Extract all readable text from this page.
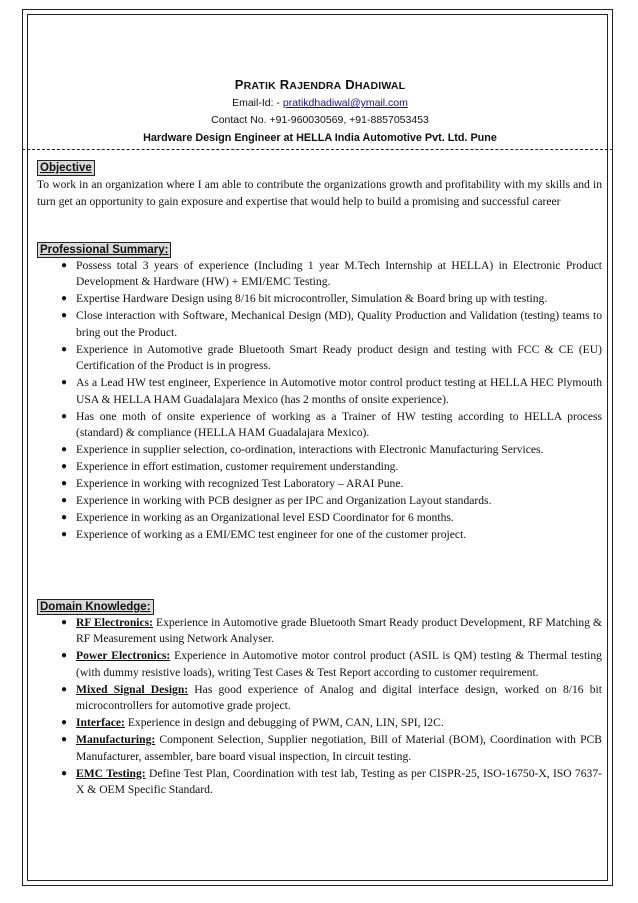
PRATIK RAJENDRA DHADIWAL
Email-Id: - pratikdhadiwal@ymail.com
Contact No. +91-960030569, +91-8857053453
Hardware Design Engineer at HELLA India Automotive Pvt. Ltd. Pune
Objective
To work in an organization where I am able to contribute the organizations growth and profitability with my skills and in turn get an opportunity to gain exposure and expertise that would help to build a promising and successful career
Professional Summary:
● Possess total 3 years of experience (Including 1 year M.Tech Internship at HELLA) in Electronic Product Development & Hardware (HW) + EMI/EMC Testing.
● Expertise Hardware Design using 8/16 bit microcontroller, Simulation & Board bring up with testing.
● Close interaction with Software, Mechanical Design (MD), Quality Production and Validation (testing) teams to bring out the Product.
● Experience in Automotive grade Bluetooth Smart Ready product design and testing with FCC & CE (EU) Certification of the Product is in progress.
● As a Lead HW test engineer, Experience in Automotive motor control product testing at HELLA HEC Plymouth USA & HELLA HAM Guadalajara Mexico (has 2 months of onsite experience).
● Has one moth of onsite experience of working as a Trainer of HW testing according to HELLA process (standard) & compliance (HELLA HAM Guadalajara Mexico).
● Experience in supplier selection, co-ordination, interactions with Electronic Manufacturing Services.
● Experience in effort estimation, customer requirement understanding.
● Experience in working with recognized Test Laboratory – ARAI Pune.
● Experience in working with PCB designer as per IPC and Organization Layout standards.
● Experience in working as an Organizational level ESD Coordinator for 6 months.
● Experience of working as a EMI/EMC test engineer for one of the customer project.
Domain Knowledge:
● RF Electronics: Experience in Automotive grade Bluetooth Smart Ready product Development, RF Matching & RF Measurement using Network Analyser.
● Power Electronics: Experience in Automotive motor control product (ASIL is QM) testing & Thermal testing (with dummy resistive loads), writing Test Cases & Test Report according to customer requirement.
● Mixed Signal Design: Has good experience of Analog and digital interface design, worked on 8/16 bit microcontrollers for automotive grade project.
● Interface: Experience in design and debugging of PWM, CAN, LIN, SPI, I2C.
● Manufacturing: Component Selection, Supplier negotiation, Bill of Material (BOM), Coordination with PCB Manufacturer, assembler, bare board visual inspection, In circuit testing.
● EMC Testing: Define Test Plan, Coordination with test lab, Testing as per CISPR-25, ISO-16750-X, ISO 7637-X & OEM Specific Standard.
